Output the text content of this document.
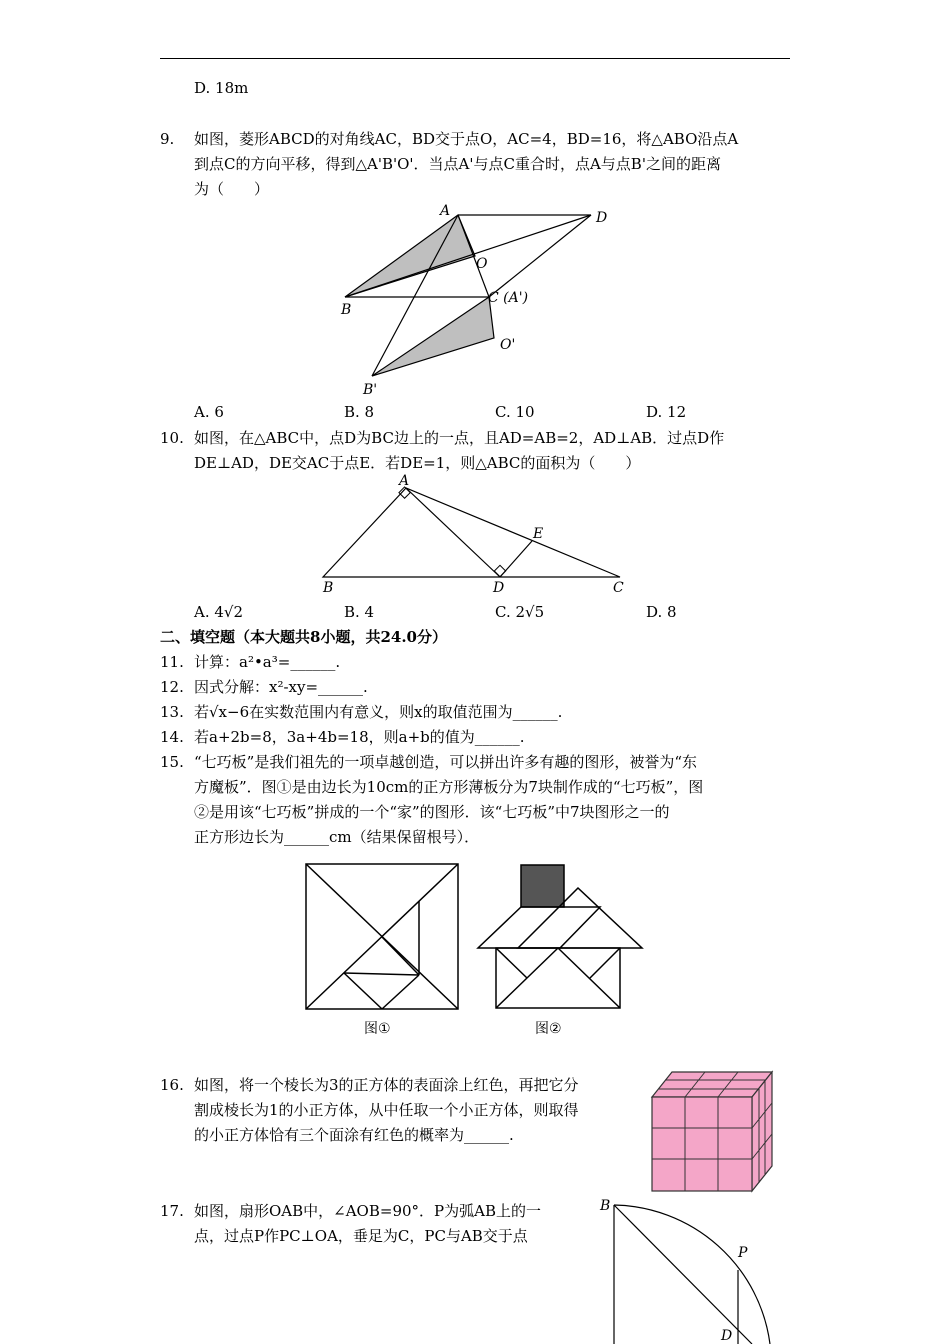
D. 18m
9. 如图，菱形ABCD的对角线AC，BD交于点O，AC=4，BD=16，将△ABO沿点A
到点C的方向平移，得到△A'B'O'．当点A'与点C重合时，点A与点B'之间的距离
为（　　）
A	D
O
B
C (A')
O'
B'
A. 6	B. 8	C. 10	D. 12
10. 如图，在△ABC中，点D为BC边上的一点，且AD=AB=2，AD⊥AB．过点D作
DE⊥AD，DE交AC于点E．若DE=1，则△ABC的面积为（　　）
A
B	C
D
E
A. 4√2	B. 4	C. 2√5	D. 8
二、填空题（本大题共8小题，共24.0分）
11. 计算：a²•a³=______.
12. 因式分解：x²-xy=______.
13. 若√x−6在实数范围内有意义，则x的取值范围为______.
14. 若a+2b=8，3a+4b=18，则a+b的值为______.
15. “七巧板”是我们祖先的一项卓越创造，可以拼出许多有趣的图形，被誉为“东
方魔板”．图①是由边长为10cm的正方形薄板分为7块制作成的“七巧板”，图
②是用该“七巧板”拼成的一个“家”的图形．该“七巧板”中7块图形之一的
正方形边长为______cm（结果保留根号）．
图①	图②
16. 如图，将一个棱长为3的正方体的表面涂上红色，再把它分
割成棱长为1的小正方体，从中任取一个小正方体，则取得
的小正方体恰有三个面涂有红色的概率为______.
17. 如图，扇形OAB中，∠AOB=90°．P为弧AB上的一
点，过点P作PC⊥OA，垂足为C，PC与AB交于点
B
P
D
